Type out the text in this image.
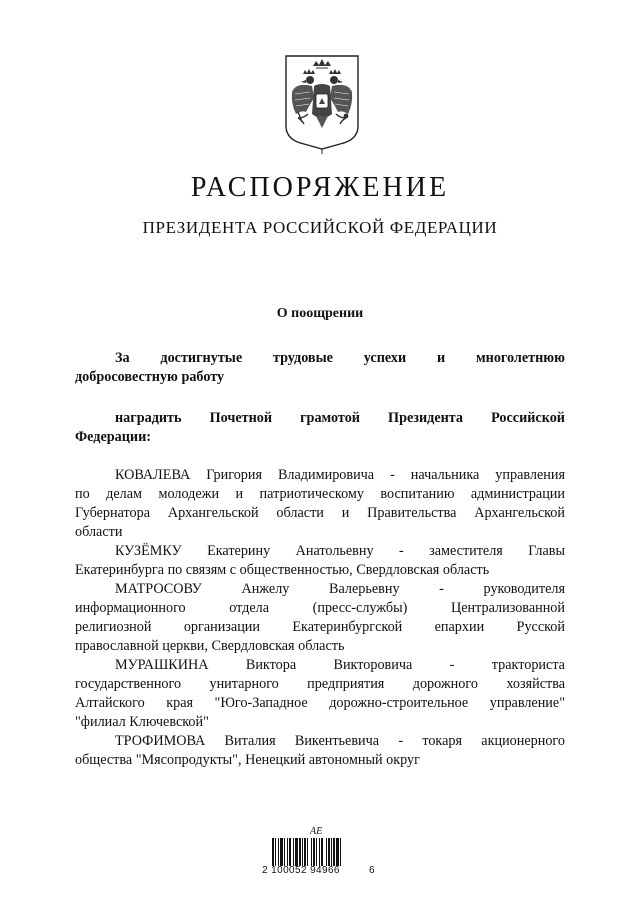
РАСПОРЯЖЕНИЕ
ПРЕЗИДЕНТА РОССИЙСКОЙ ФЕДЕРАЦИИ
О поощрении
За достигнутые трудовые успехи и многолетнюю
добросовестную работу
наградить Почетной грамотой Президента Российской
Федерации:
КОВАЛЕВА Григория Владимировича - начальника управления
по делам молодежи и патриотическому воспитанию администрации
Губернатора Архангельской области и Правительства Архангельской
области
КУЗЁМКУ Екатерину Анатольевну - заместителя Главы
Екатеринбурга по связям с общественностью, Свердловская область
МАТРОСОВУ Анжелу Валерьевну - руководителя
информационного отдела (пресс-службы) Централизованной
религиозной организации Екатеринбургской епархии Русской
православной церкви, Свердловская область
МУРАШКИНА Виктора Викторовича - тракториста
государственного унитарного предприятия дорожного хозяйства
Алтайского края "Юго-Западное дорожно-строительное управление"
"филиал Ключевской"
ТРОФИМОВА Виталия Викентьевича - токаря акционерного
общества "Мясопродукты", Ненецкий автономный округ
АЕ
2 100052 94966	6
